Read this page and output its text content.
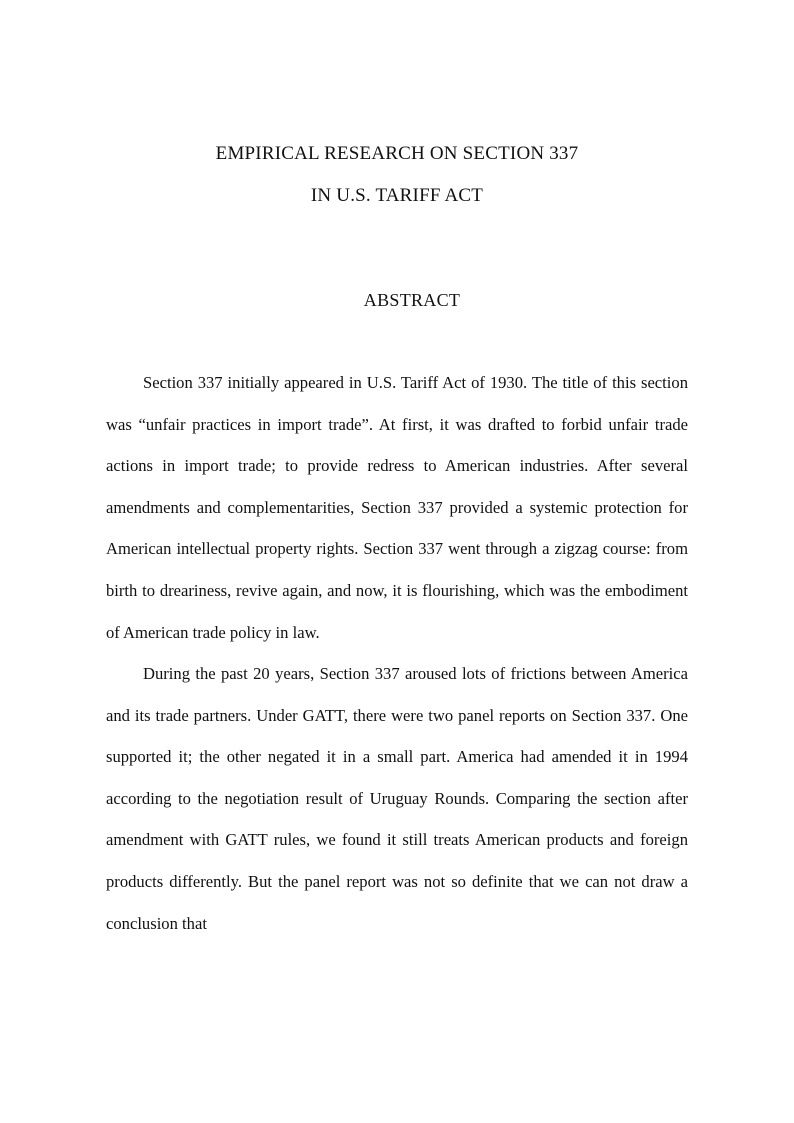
EMPIRICAL RESEARCH ON SECTION 337
IN U.S. TARIFF ACT
ABSTRACT

Section 337 initially appeared in U.S. Tariff Act of 1930. The title of this section was “unfair practices in import trade”. At first, it was drafted to forbid unfair trade actions in import trade; to provide redress to American industries. After several amendments and complementarities, Section 337 provided a systemic protection for American intellectual property rights. Section 337 went through a zigzag course: from birth to dreariness, revive again, and now, it is flourishing, which was the embodiment of American trade policy in law.

During the past 20 years, Section 337 aroused lots of frictions between America and its trade partners. Under GATT, there were two panel reports on Section 337. One supported it; the other negated it in a small part. America had amended it in 1994 according to the negotiation result of Uruguay Rounds. Comparing the section after amendment with GATT rules, we found it still treats American products and foreign products differently. But the panel report was not so definite that we can not draw a conclusion that
